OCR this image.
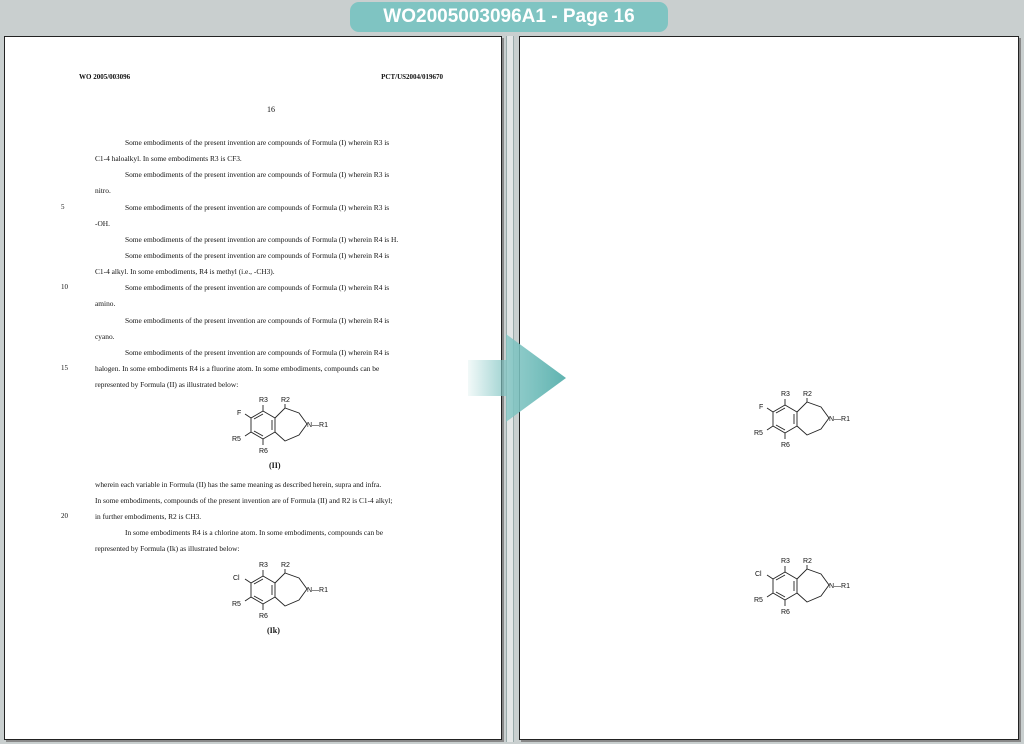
WO2005003096A1 - Page 16
WO 2005/003096	PCT/US2004/019670
16
Some embodiments of the present invention are compounds of Formula (I) wherein R3 is
C1-4 haloalkyl. In some embodiments R3 is CF3.
Some embodiments of the present invention are compounds of Formula (I) wherein R3 is
nitro.
Some embodiments of the present invention are compounds of Formula (I) wherein R3 is
-OH.
Some embodiments of the present invention are compounds of Formula (I) wherein R4 is H.
Some embodiments of the present invention are compounds of Formula (I) wherein R4 is
C1-4 alkyl. In some embodiments, R4 is methyl (i.e., -CH3).
Some embodiments of the present invention are compounds of Formula (I) wherein R4 is
amino.
Some embodiments of the present invention are compounds of Formula (I) wherein R4 is
cyano.
Some embodiments of the present invention are compounds of Formula (I) wherein R4 is
halogen. In some embodiments R4 is a fluorine atom. In some embodiments, compounds can be
represented by Formula (II) as illustrated below:
5
10
15
20
R3 R2
F
N—R1
R5
R6
(II)
wherein each variable in Formula (II) has the same meaning as described herein, supra and infra.
In some embodiments, compounds of the present invention are of Formula (II) and R2 is C1-4 alkyl;
in further embodiments, R2 is CH3.
In some embodiments R4 is a chlorine atom. In some embodiments, compounds can be
represented by Formula (Ik) as illustrated below:
R3 R2
Cl
N—R1
R5
R6
(Ik)
R3 R2
F
N—R1
R5
R6
R3 R2
Cl
N—R1
R5
R6
